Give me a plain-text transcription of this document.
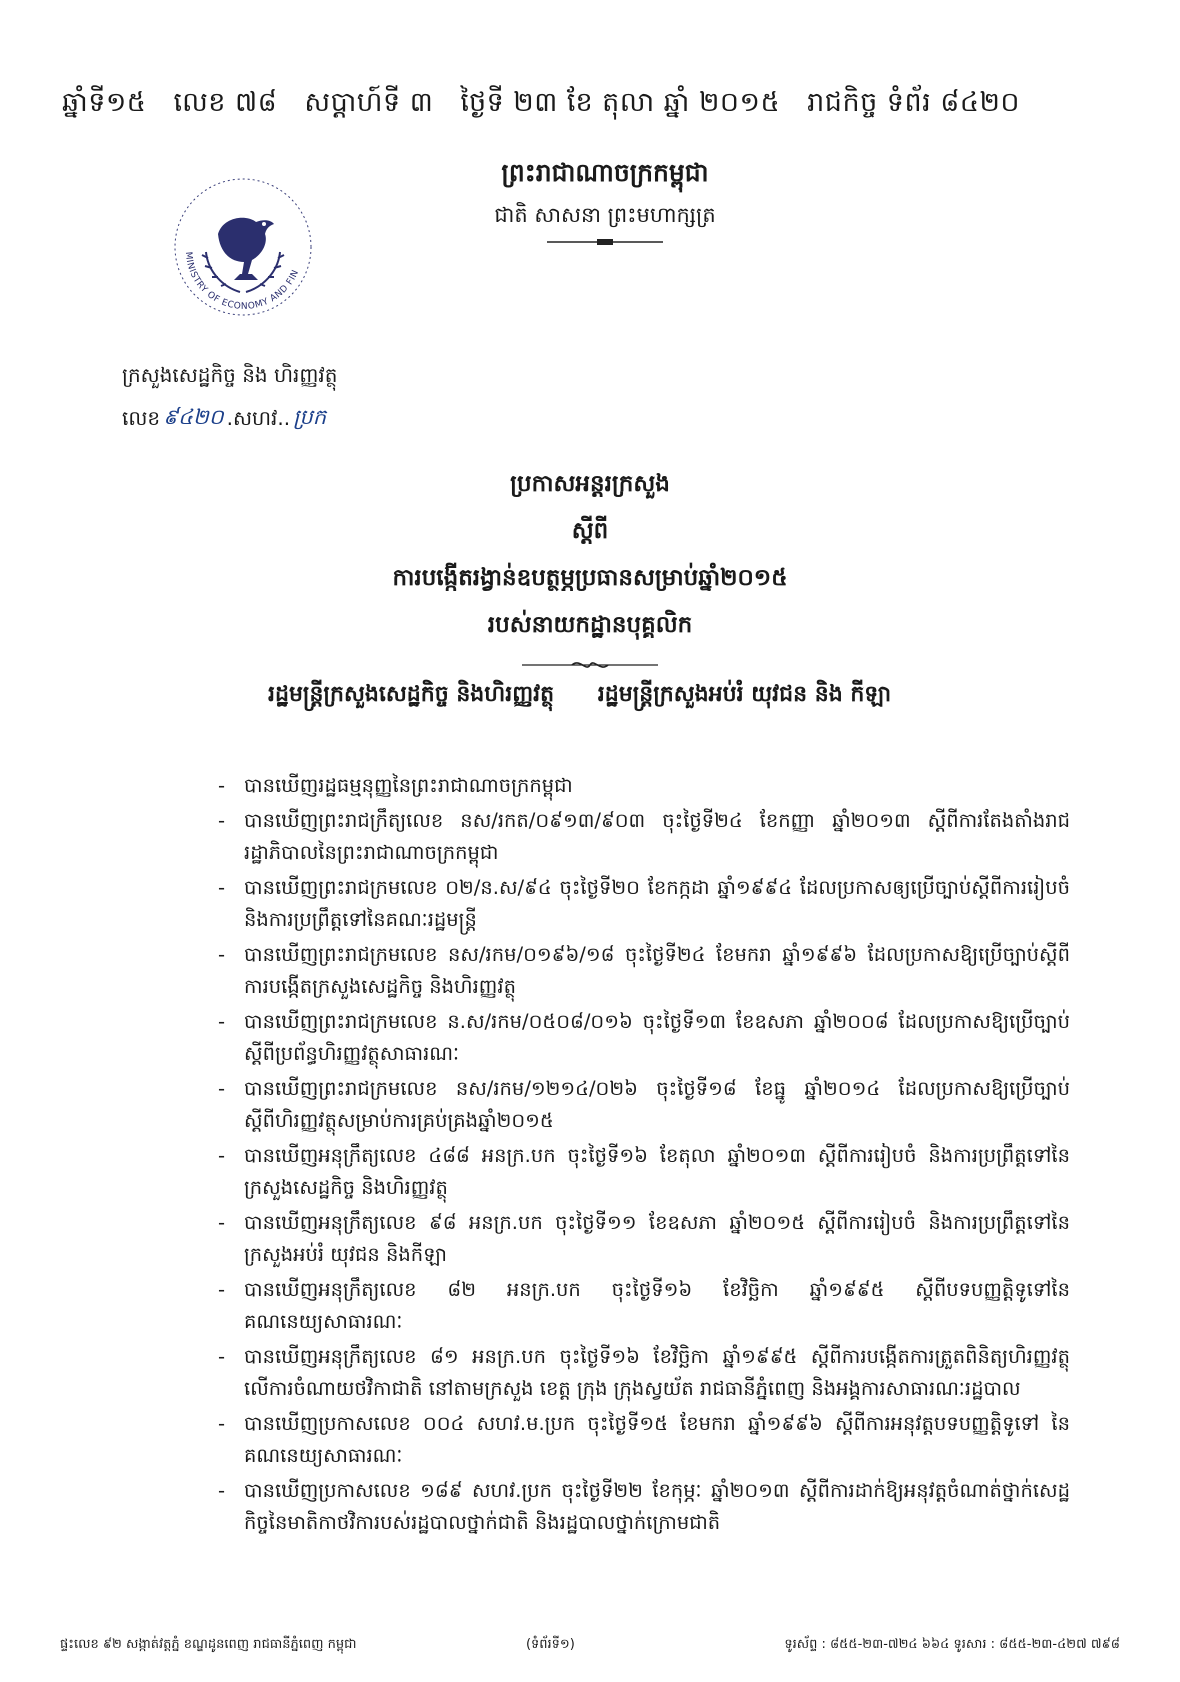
ឆ្នាំទី១៥ លេខ ៧៨ សប្តាហ៍ទី ៣ ថ្ងៃទី ២៣ ខែ តុលា ឆ្នាំ ២០១៥ រាជកិច្ច ទំព័រ ៨៤២០
ព្រះរាជាណាចក្រកម្ពុជា
ជាតិ សាសនា ព្រះមហាក្សត្រ
MINISTRY OF ECONOMY AND FIN
ក្រសួងសេដ្ឋកិច្ច និង ហិរញ្ញវត្ថុ
លេខ ៩៤២០ .សហវ.. ប្រក
ប្រកាសអន្តរក្រសួង
ស្តីពី
ការបង្កើតរង្វាន់ឧបត្ថម្ភប្រធានសម្រាប់ឆ្នាំ២០១៥
របស់នាយកដ្ឋានបុគ្គលិក
រដ្ឋមន្ត្រីក្រសួងសេដ្ឋកិច្ច និងហិរញ្ញវត្ថុ រដ្ឋមន្ត្រីក្រសួងអប់រំ យុវជន និង កីឡា
- បានឃើញរដ្ឋធម្មនុញ្ញនៃព្រះរាជាណាចក្រកម្ពុជា
- បានឃើញព្រះរាជក្រឹត្យលេខ នស/រកត/០៩១៣/៩០៣ ចុះថ្ងៃទី២៤ ខែកញ្ញា ឆ្នាំ២០១៣ ស្តីពីការតែងតាំងរាជរដ្ឋាភិបាលនៃព្រះរាជាណាចក្រកម្ពុជា
- បានឃើញព្រះរាជក្រមលេខ ០២/ន.ស/៩៤ ចុះថ្ងៃទី២០ ខែកក្កដា ឆ្នាំ១៩៩៤ ដែលប្រកាសឲ្យប្រើច្បាប់ស្តីពីការរៀបចំ និងការប្រព្រឹត្តទៅនៃគណៈរដ្ឋមន្ត្រី
- បានឃើញព្រះរាជក្រមលេខ នស/រកម/០១៩៦/១៨ ចុះថ្ងៃទី២៤ ខែមករា ឆ្នាំ១៩៩៦ ដែលប្រកាសឱ្យប្រើច្បាប់ស្តីពីការបង្កើតក្រសួងសេដ្ឋកិច្ច និងហិរញ្ញវត្ថុ
- បានឃើញព្រះរាជក្រមលេខ ន.ស/រកម/០៥០៨/០១៦ ចុះថ្ងៃទី១៣ ខែឧសភា ឆ្នាំ២០០៨ ដែលប្រកាសឱ្យប្រើច្បាប់ស្តីពីប្រព័ន្ធហិរញ្ញវត្ថុសាធារណៈ
- បានឃើញព្រះរាជក្រមលេខ នស/រកម/១២១៤/០២៦ ចុះថ្ងៃទី១៨ ខែធ្នូ ឆ្នាំ២០១៤ ដែលប្រកាសឱ្យប្រើច្បាប់ស្តីពីហិរញ្ញវត្ថុសម្រាប់ការគ្រប់គ្រងឆ្នាំ២០១៥
- បានឃើញអនុក្រឹត្យលេខ ៤៨៨ អនក្រ.បក ចុះថ្ងៃទី១៦ ខែតុលា ឆ្នាំ២០១៣ ស្តីពីការរៀបចំ និងការប្រព្រឹត្តទៅនៃក្រសួងសេដ្ឋកិច្ច និងហិរញ្ញវត្ថុ
- បានឃើញអនុក្រឹត្យលេខ ៩៨ អនក្រ.បក ចុះថ្ងៃទី១១ ខែឧសភា ឆ្នាំ២០១៥ ស្តីពីការរៀបចំ និងការប្រព្រឹត្តទៅនៃក្រសួងអប់រំ យុវជន និងកីឡា
- បានឃើញអនុក្រឹត្យលេខ ៨២ អនក្រ.បក ចុះថ្ងៃទី១៦ ខែវិច្ឆិកា ឆ្នាំ១៩៩៥ ស្តីពីបទបញ្ញត្តិទូទៅនៃគណនេយ្យសាធារណៈ
- បានឃើញអនុក្រឹត្យលេខ ៨១ អនក្រ.បក ចុះថ្ងៃទី១៦ ខែវិច្ឆិកា ឆ្នាំ១៩៩៥ ស្តីពីការបង្កើតការត្រួតពិនិត្យហិរញ្ញវត្ថុ លើការចំណាយថវិកាជាតិ នៅតាមក្រសួង ខេត្ត ក្រុង ក្រុងស្វយ័ត រាជធានីភ្នំពេញ និងអង្គការសាធារណៈរដ្ឋបាល
- បានឃើញប្រកាសលេខ ០០៤ សហវ.ម.ប្រក ចុះថ្ងៃទី១៥ ខែមករា ឆ្នាំ១៩៩៦ ស្តីពីការអនុវត្តបទបញ្ញត្តិទូទៅ នៃគណនេយ្យសាធារណៈ
- បានឃើញប្រកាសលេខ ១៨៩ សហវ.ប្រក ចុះថ្ងៃទី២២ ខែកុម្ភៈ ឆ្នាំ២០១៣ ស្តីពីការដាក់ឱ្យអនុវត្តចំណាត់ថ្នាក់សេដ្ឋកិច្ចនៃមាតិកាថវិការបស់រដ្ឋបាលថ្នាក់ជាតិ និងរដ្ឋបាលថ្នាក់ក្រោមជាតិ
ផ្ទះលេខ ៩២ សង្កាត់វត្តភ្នំ ខណ្ឌដូនពេញ រាជធានីភ្នំពេញ កម្ពុជា	(ទំព័រទី១)	ទូរស័ព្ទ : ៨៥៥-២៣-៧២៤ ៦៦៤ ទូរសារ : ៨៥៥-២៣-៤២៧ ៧៩៨
